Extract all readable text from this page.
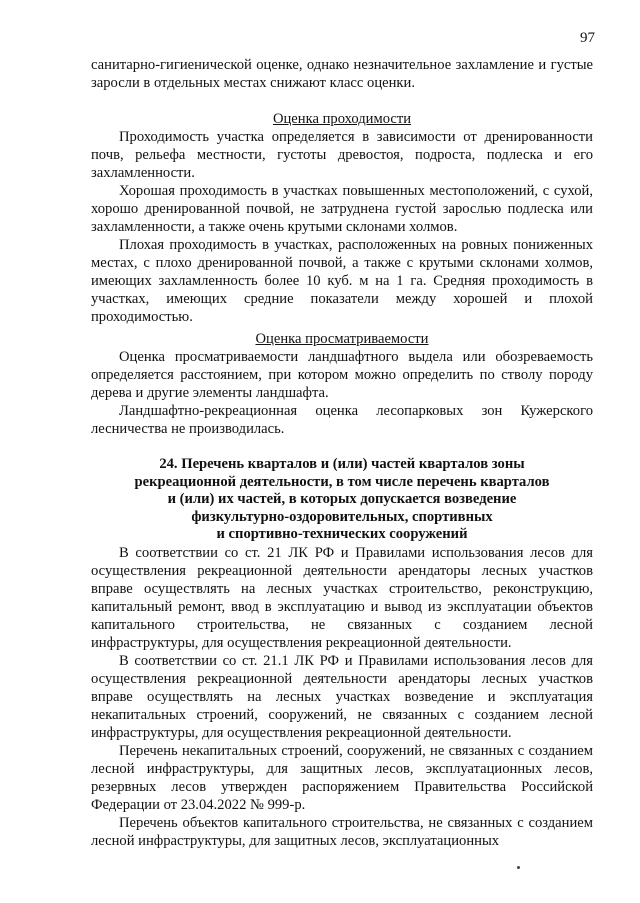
97

санитарно-гигиенической оценке, однако незначительное захламление и густые заросли в отдельных местах снижают класс оценки.

Оценка проходимости

Проходимость участка определяется в зависимости от дренированности почв, рельефа местности, густоты древостоя, подроста, подлеска и его захламленности.

Хорошая проходимость в участках повышенных местоположений, с сухой, хорошо дренированной почвой, не затруднена густой зарослью подлеска или захламленности, а также очень крутыми склонами холмов.

Плохая проходимость в участках, расположенных на ровных пониженных местах, с плохо дренированной почвой, а также с крутыми склонами холмов, имеющих захламленность более 10 куб. м на 1 га. Средняя проходимость в участках, имеющих средние показатели между хорошей и плохой проходимостью.

Оценка просматриваемости

Оценка просматриваемости ландшафтного выдела или обозреваемость определяется расстоянием, при котором можно определить по стволу породу дерева и другие элементы ландшафта.

Ландшафтно-рекреационная оценка лесопарковых зон Кужерского лесничества не производилась.

24. Перечень кварталов и (или) частей кварталов зоны
рекреационной деятельности, в том числе перечень кварталов
и (или) их частей, в которых допускается возведение
физкультурно-оздоровительных, спортивных
и спортивно-технических сооружений

В соответствии со ст. 21 ЛК РФ и Правилами использования лесов для осуществления рекреационной деятельности арендаторы лесных участков вправе осуществлять на лесных участках строительство, реконструкцию, капитальный ремонт, ввод в эксплуатацию и вывод из эксплуатации объектов капитального строительства, не связанных с созданием лесной инфраструктуры, для осуществления рекреационной деятельности.

В соответствии со ст. 21.1 ЛК РФ и Правилами использования лесов для осуществления рекреационной деятельности арендаторы лесных участков вправе осуществлять на лесных участках возведение и эксплуатация некапитальных строений, сооружений, не связанных с созданием лесной инфраструктуры, для осуществления рекреационной деятельности.

Перечень некапитальных строений, сооружений, не связанных с созданием лесной инфраструктуры, для защитных лесов, эксплуатационных лесов, резервных лесов утвержден распоряжением Правительства Российской Федерации от 23.04.2022 № 999-р.

Перечень объектов капитального строительства, не связанных с созданием лесной инфраструктуры, для защитных лесов, эксплуатационных
